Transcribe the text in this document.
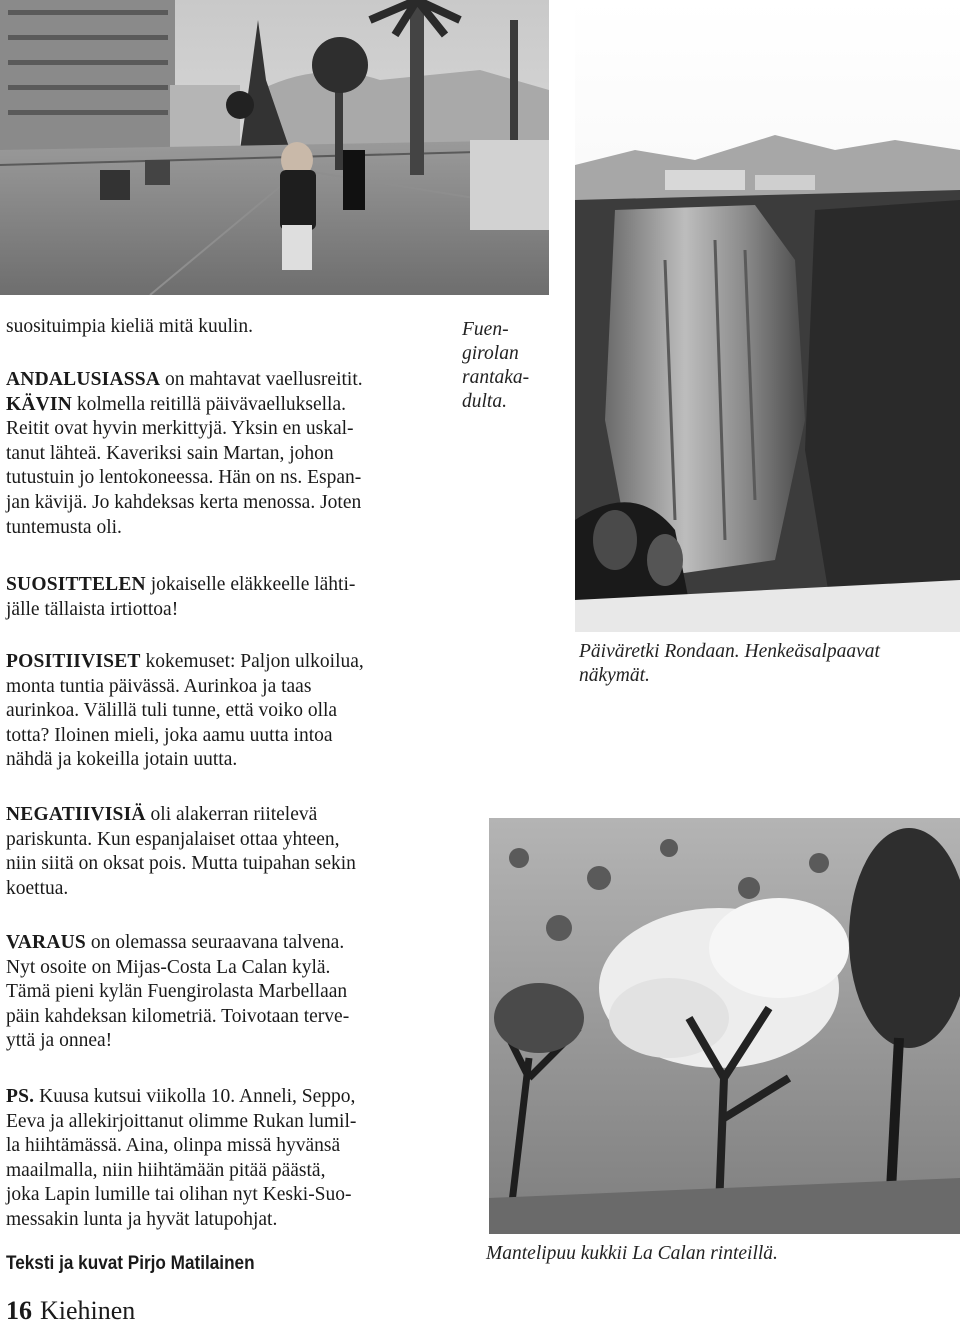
Fuen-
girolan
rantaka-
dulta.
Päiväretki Rondaan. Henkeäsalpaavat
näkymät.
Mantelipuu kukkii La Calan rinteillä.

suosituimpia kieliä mitä kuulin.

ANDALUSIASSA on mahtavat vaellusreitit.
KÄVIN kolmella reitillä päivävaelluksella.
Reitit ovat hyvin merkittyjä. Yksin en uskal-
tanut lähteä. Kaveriksi sain Martan, johon
tutustuin jo lentokoneessa. Hän on ns. Espan-
jan kävijä. Jo kahdeksas kerta menossa. Joten
tuntemusta oli.

SUOSITTELEN jokaiselle eläkkeelle lähti-
jälle tällaista irtiottoa!

POSITIIVISET kokemuset: Paljon ulkoilua,
monta tuntia päivässä. Aurinkoa ja taas
aurinkoa. Välillä tuli tunne, että voiko olla
totta? Iloinen mieli, joka aamu uutta intoa
nähdä ja kokeilla jotain uutta.

NEGATIIVISIÄ oli alakerran riitelevä
pariskunta. Kun espanjalaiset ottaa yhteen,
niin siitä on oksat pois. Mutta tuipahan sekin
koettua.

VARAUS on olemassa seuraavana talvena.
Nyt osoite on Mijas-Costa La Calan kylä.
Tämä pieni kylän Fuengirolasta Marbellaan
päin kahdeksan kilometriä. Toivotaan terve-
yttä ja onnea!

PS. Kuusa kutsui viikolla 10. Anneli, Seppo,
Eeva ja allekirjoittanut olimme Rukan lumil-
la hiihtämässä. Aina, olinpa missä hyvänsä
maailmalla, niin hiihtämään pitää päästä,
joka Lapin lumille tai olihan nyt Keski-Suo-
messakin lunta ja hyvät latupohjat.

Teksti ja kuvat Pirjo Matilainen
16 Kiehinen
